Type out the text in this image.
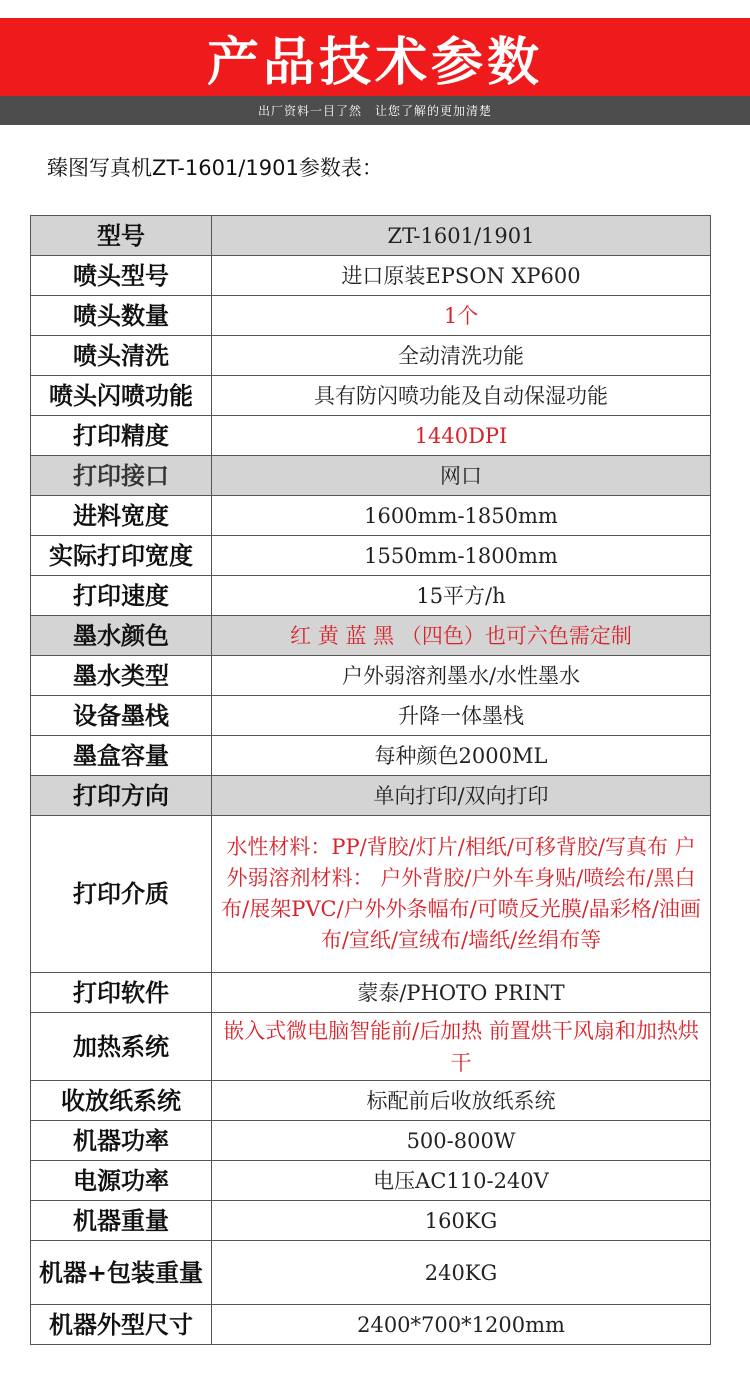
产品技术参数
出厂资料一目了然　让您了解的更加清楚
臻图写真机ZT-1601/1901参数表：
型号	ZT-1601/1901
喷头型号	进口原装EPSON XP600
喷头数量	1个
喷头清洗	全动清洗功能
喷头闪喷功能	具有防闪喷功能及自动保湿功能
打印精度	1440DPI
打印接口	网口
进料宽度	1600mm-1850mm
实际打印宽度	1550mm-1800mm
打印速度	15平方/h
墨水颜色	红 黄 蓝 黑 （四色）也可六色需定制
墨水类型	户外弱溶剂墨水/水性墨水
设备墨栈	升降一体墨栈
墨盒容量	每种颜色2000ML
打印方向	单向打印/双向打印
打印介质	水性材料：PP/背胶/灯片/相纸/可移背胶/写真布 户外弱溶剂材料： 户外背胶/户外车身贴/喷绘布/黑白布/展架PVC/户外外条幅布/可喷反光膜/晶彩格/油画布/宣纸/宣绒布/墙纸/丝绢布等
打印软件	蒙泰/PHOTO PRINT
加热系统	嵌入式微电脑智能前/后加热 前置烘干风扇和加热烘干
收放纸系统	标配前后收放纸系统
机器功率	500-800W
电源功率	电压AC110-240V
机器重量	160KG
机器+包装重量	240KG
机器外型尺寸	2400*700*1200mm
